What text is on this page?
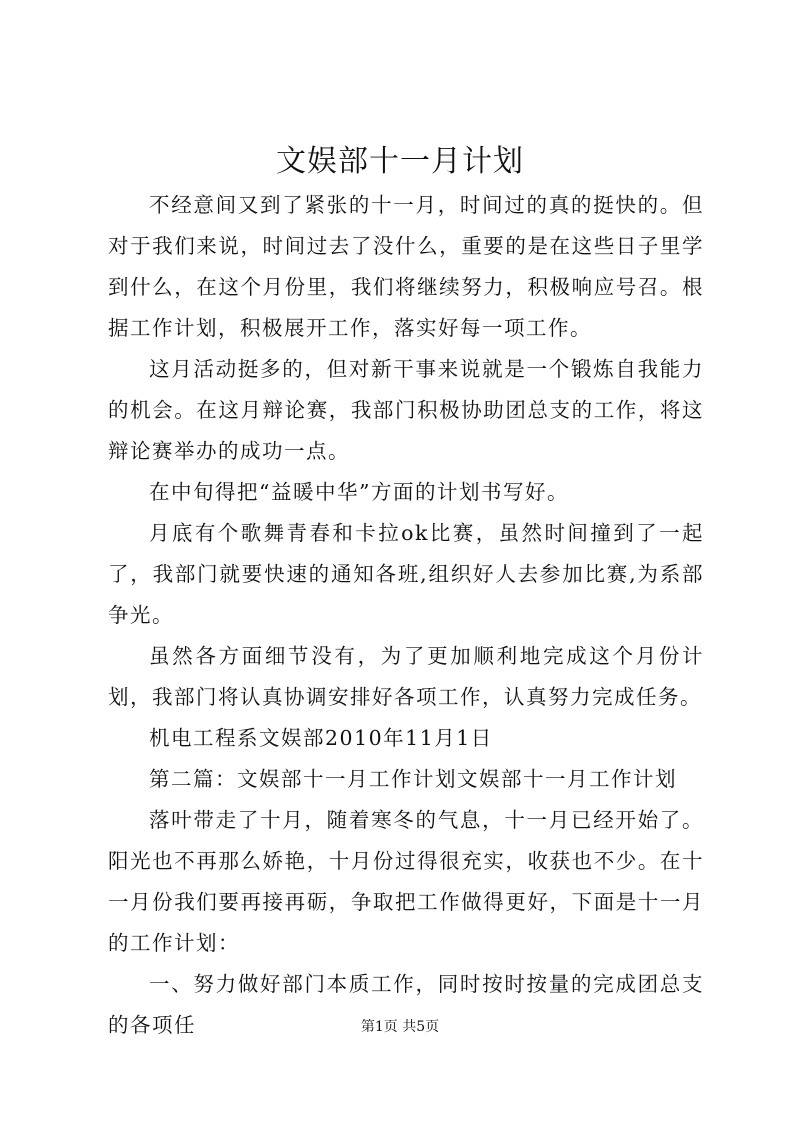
文娱部十一月计划

不经意间又到了紧张的十一月，时间过的真的挺快的。但对于我们来说，时间过去了没什么，重要的是在这些日子里学到什么，在这个月份里，我们将继续努力，积极响应号召。根据工作计划，积极展开工作，落实好每一项工作。

这月活动挺多的，但对新干事来说就是一个锻炼自我能力的机会。在这月辩论赛，我部门积极协助团总支的工作，将这辩论赛举办的成功一点。

在中旬得把“益暖中华”方面的计划书写好。

月底有个歌舞青春和卡拉ok比赛，虽然时间撞到了一起了，我部门就要快速的通知各班,组织好人去参加比赛,为系部争光。

虽然各方面细节没有，为了更加顺利地完成这个月份计划，我部门将认真协调安排好各项工作，认真努力完成任务。

机电工程系文娱部2010年11月1日

第二篇：文娱部十一月工作计划文娱部十一月工作计划

落叶带走了十月，随着寒冬的气息，十一月已经开始了。阳光也不再那么娇艳，十月份过得很充实，收获也不少。在十一月份我们要再接再砺，争取把工作做得更好，下面是十一月的工作计划：

一、努力做好部门本质工作，同时按时按量的完成团总支的各项任	第1页 共5页
